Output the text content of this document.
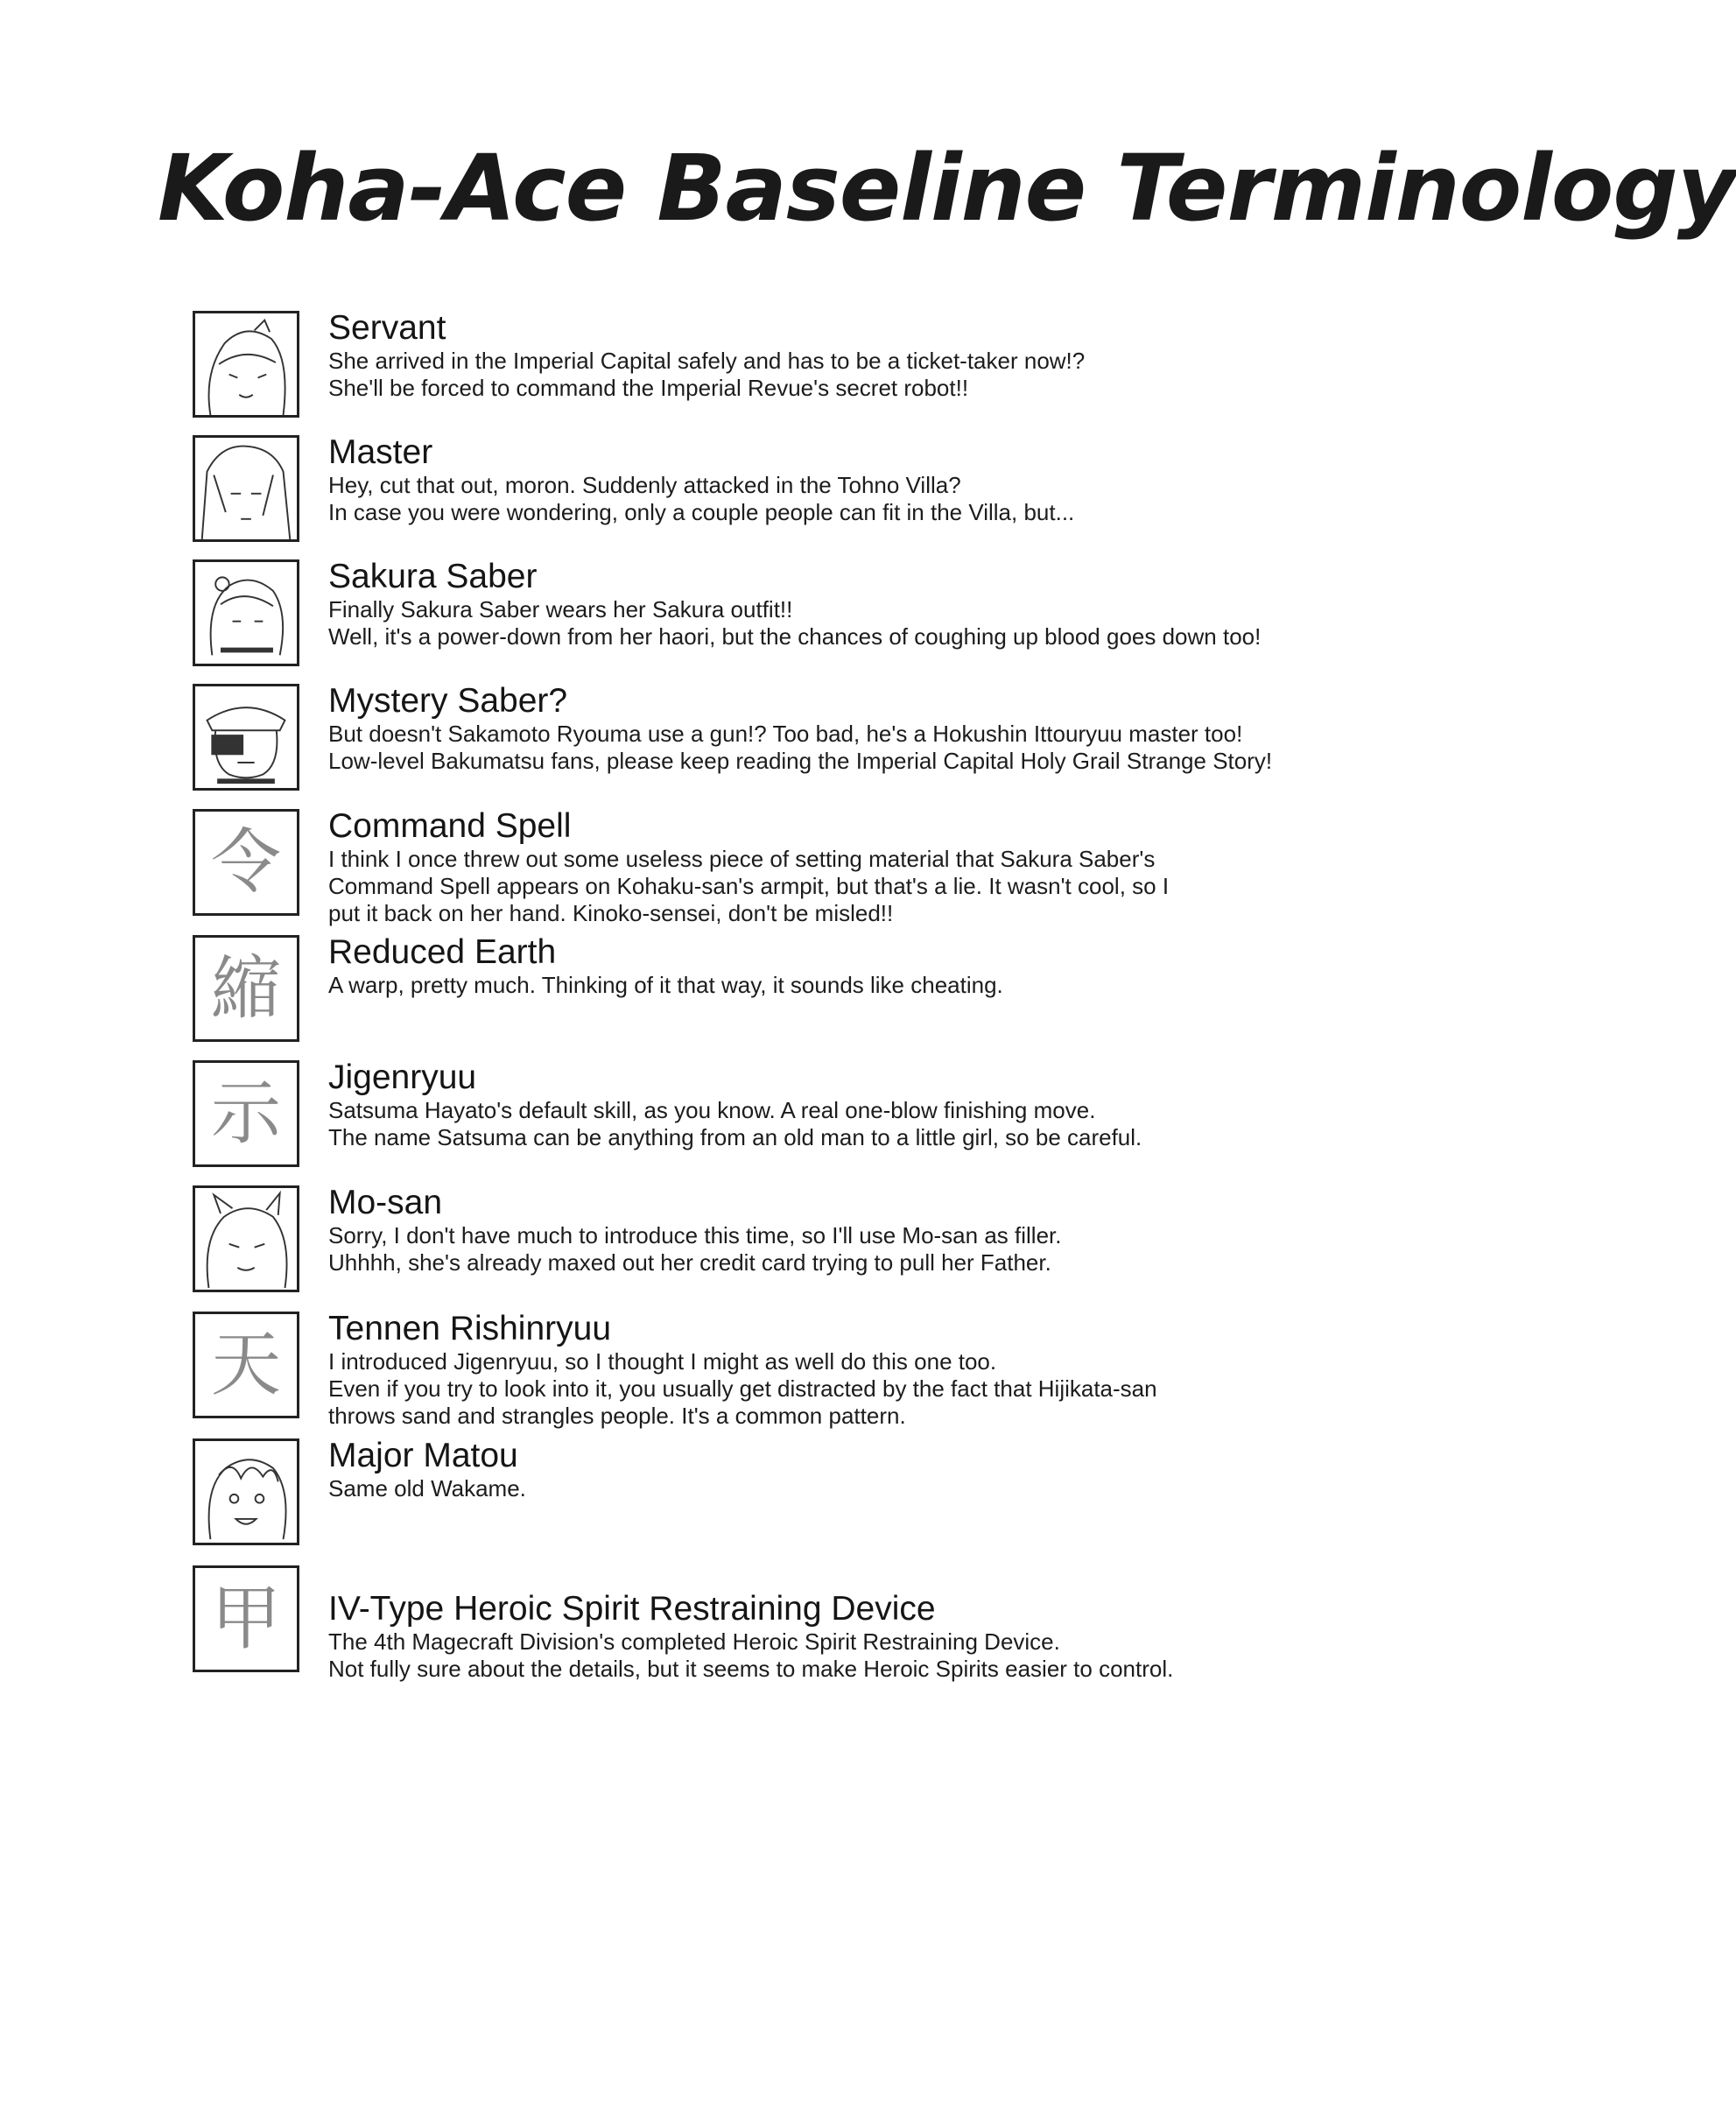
Koha-Ace Baseline Terminology
Servant
She arrived in the Imperial Capital safely and has to be a ticket-taker now!?
She'll be forced to command the Imperial Revue's secret robot!!
Master
Hey, cut that out, moron. Suddenly attacked in the Tohno Villa?
In case you were wondering, only a couple people can fit in the Villa, but...
Sakura Saber
Finally Sakura Saber wears her Sakura outfit!!
Well, it's a power-down from her haori, but the chances of coughing up blood goes down too!
Mystery Saber?
But doesn't Sakamoto Ryouma use a gun!? Too bad, he's a Hokushin Ittouryuu master too!
Low-level Bakumatsu fans, please keep reading the Imperial Capital Holy Grail Strange Story!
令	Command Spell
I think I once threw out some useless piece of setting material that Sakura Saber's
Command Spell appears on Kohaku-san's armpit, but that's a lie. It wasn't cool, so I
put it back on her hand. Kinoko-sensei, don't be misled!!
縮	Reduced Earth
A warp, pretty much. Thinking of it that way, it sounds like cheating.
示	Jigenryuu
Satsuma Hayato's default skill, as you know. A real one-blow finishing move.
The name Satsuma can be anything from an old man to a little girl, so be careful.
Mo-san
Sorry, I don't have much to introduce this time, so I'll use Mo-san as filler.
Uhhhh, she's already maxed out her credit card trying to pull her Father.
天	Tennen Rishinryuu
I introduced Jigenryuu, so I thought I might as well do this one too.
Even if you try to look into it, you usually get distracted by the fact that Hijikata-san
throws sand and strangles people. It's a common pattern.
Major Matou
Same old Wakame.
甲	IV-Type Heroic Spirit Restraining Device
The 4th Magecraft Division's completed Heroic Spirit Restraining Device.
Not fully sure about the details, but it seems to make Heroic Spirits easier to control.
